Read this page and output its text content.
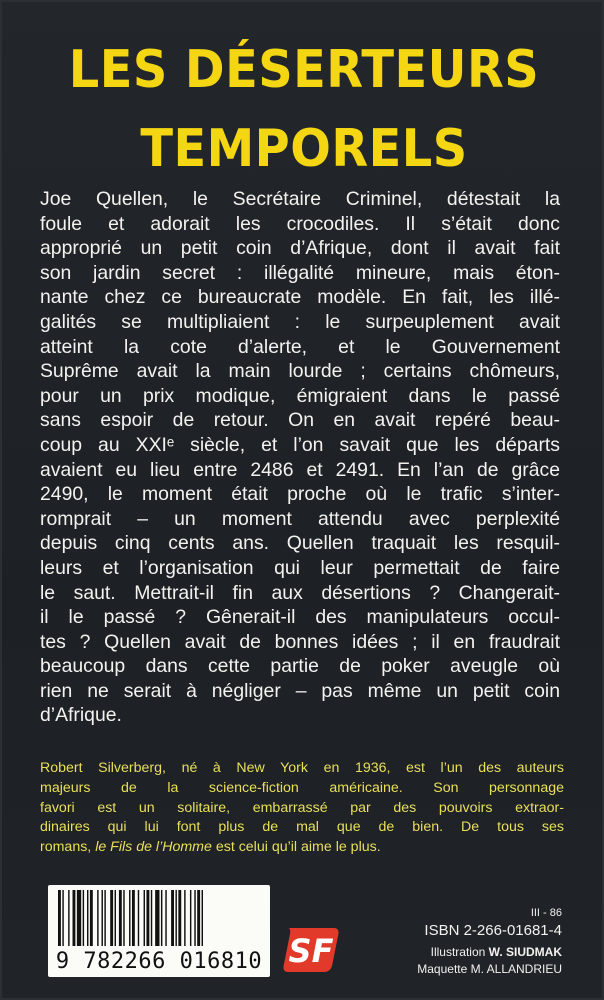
LES DÉSERTEURS
TEMPORELS
Joe Quellen, le Secrétaire Criminel, détestait la
foule et adorait les crocodiles. Il s’était donc
approprié un petit coin d’Afrique, dont il avait fait
son jardin secret : illégalité mineure, mais éton-
nante chez ce bureaucrate modèle. En fait, les illé-
galités se multipliaient : le surpeuplement avait
atteint la cote d’alerte, et le Gouvernement
Suprême avait la main lourde ; certains chômeurs,
pour un prix modique, émigraient dans le passé
sans espoir de retour. On en avait repéré beau-
coup au XXIᵉ siècle, et l’on savait que les départs
avaient eu lieu entre 2486 et 2491. En l’an de grâce
2490, le moment était proche où le trafic s’inter-
romprait – un moment attendu avec perplexité
depuis cinq cents ans. Quellen traquait les resquil-
leurs et l’organisation qui leur permettait de faire
le saut. Mettrait-il fin aux désertions ? Changerait-
il le passé ? Gênerait-il des manipulateurs occul-
tes ? Quellen avait de bonnes idées ; il en fraudrait
beaucoup dans cette partie de poker aveugle où
rien ne serait à négliger – pas même un petit coin
d’Afrique.
Robert Silverberg, né à New York en 1936, est l’un des auteurs
majeurs de la science-fiction américaine. Son personnage
favori est un solitaire, embarrassé par des pouvoirs extraor-
dinaires qui lui font plus de mal que de bien. De tous ses
romans, le Fils de l’Homme est celui qu’il aime le plus.
9 782266 016810 SF
III - 86
ISBN 2-266-01681-4
Illustration W. SIUDMAK
Maquette M. ALLANDRIEU
